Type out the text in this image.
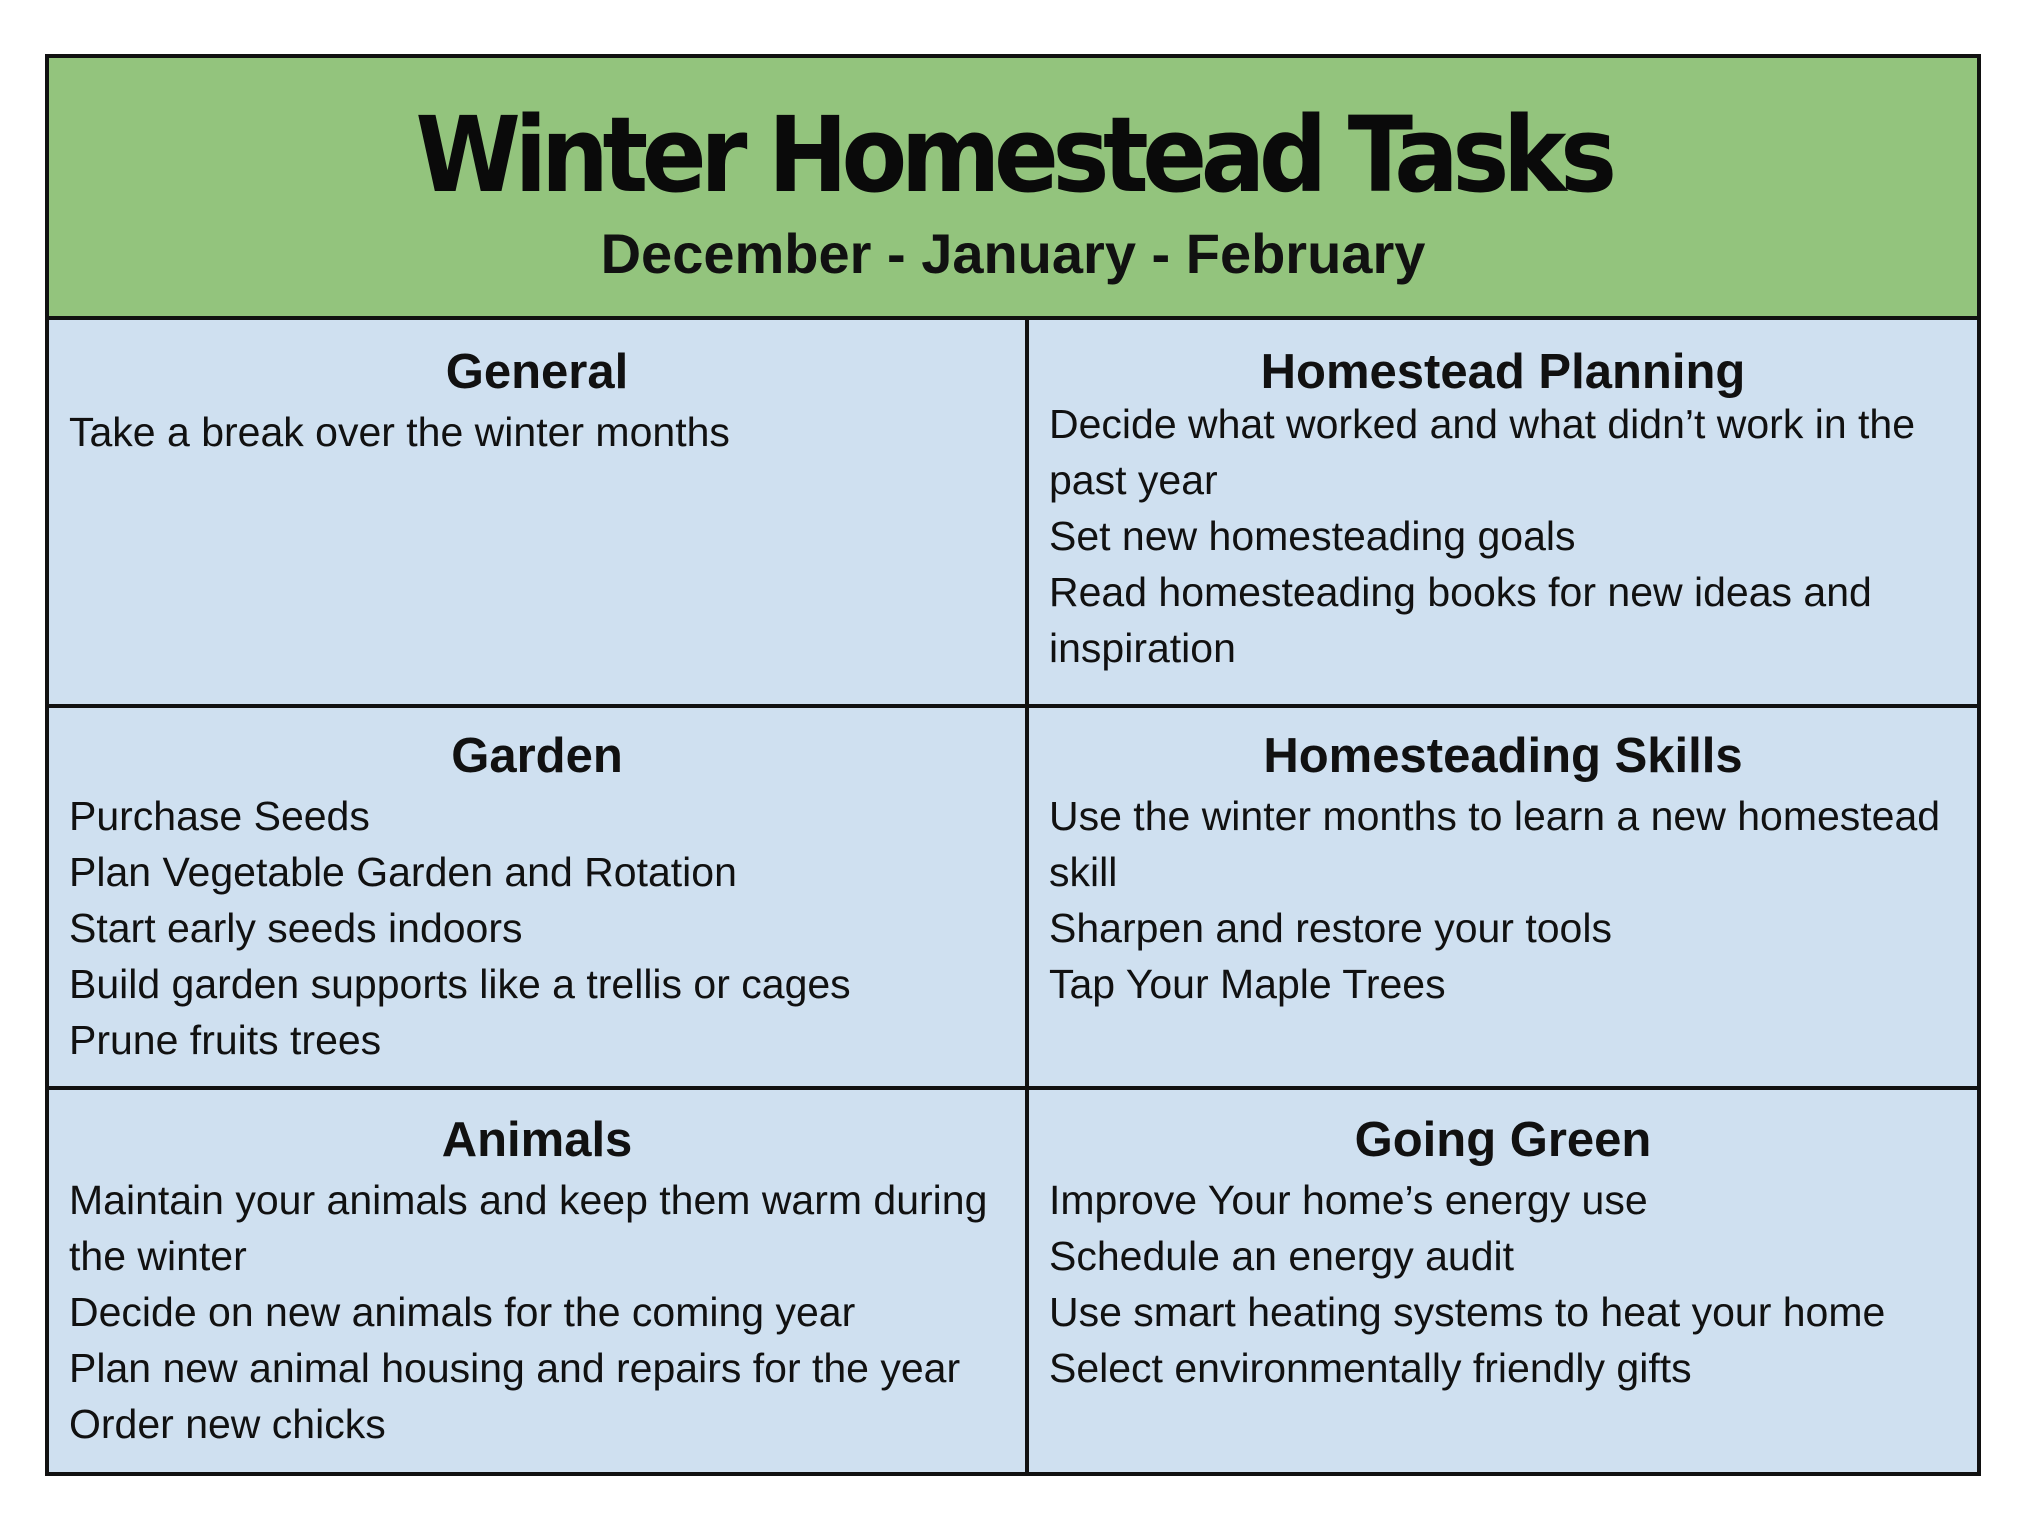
Winter Homestead Tasks
December - January - February
General
Take a break over the winter months
Homestead Planning
Decide what worked and what didn’t work in the past year
Set new homesteading goals
Read homesteading books for new ideas and inspiration
Garden
Purchase Seeds
Plan Vegetable Garden and Rotation
Start early seeds indoors
Build garden supports like a trellis or cages
Prune fruits trees
Homesteading Skills
Use the winter months to learn a new homestead skill
Sharpen and restore your tools
Tap Your Maple Trees
Animals
Maintain your animals and keep them warm during the winter
Decide on new animals for the coming year
Plan new animal housing and repairs for the year
Order new chicks
Going Green
Improve Your home’s energy use
Schedule an energy audit
Use smart heating systems to heat your home
Select environmentally friendly gifts
